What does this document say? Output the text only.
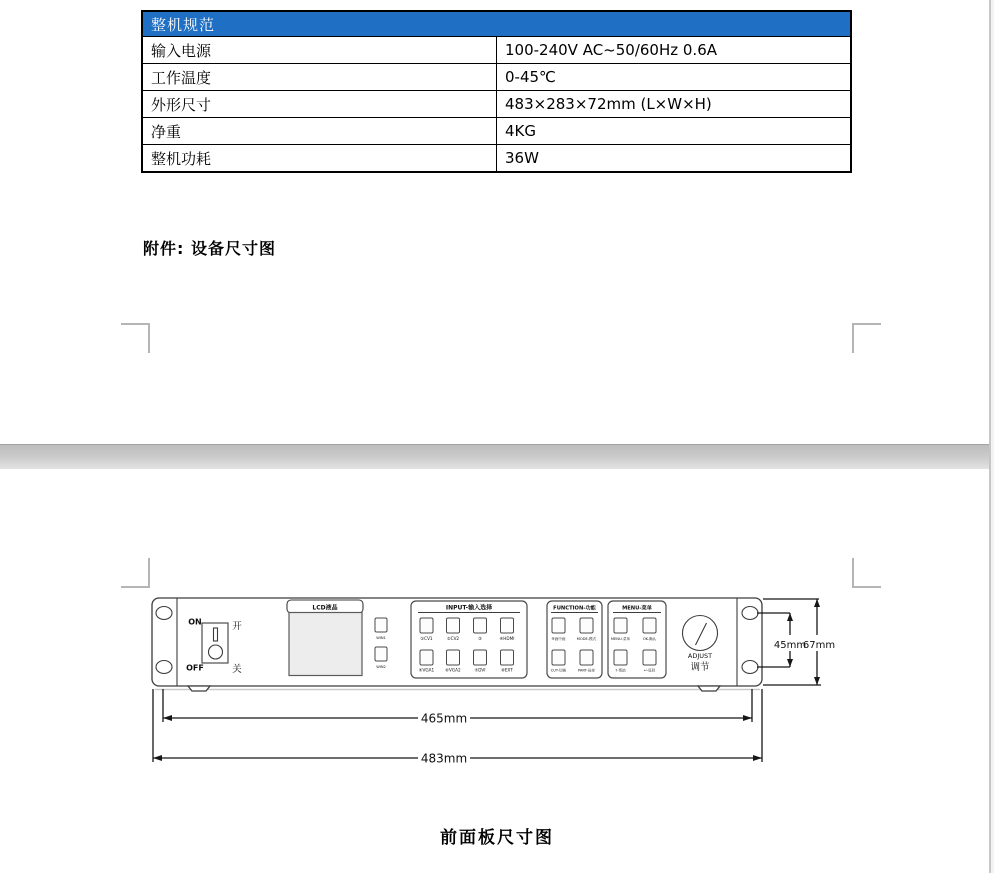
整机规范	
输入电源	100-240V AC~50/60Hz 0.6A
工作温度	0-45℃
外形尺寸	483×283×72mm (L×W×H)
净重	4KG
整机功耗	36W
附件: 设备尺寸图
ON	开
OFF	关
LCD液晶
WIN1
WIN2
INPUT-输入选择
①CV1	②CV2	③	④HDMI
⑤VGA1	⑥VGA2	⑦DVI	⑧EXT
FUNCTION-功能
⑨画中画	MODE-模式
CUT-切换	PART-局部
MENU-菜单
MENU-菜单	OK-确认
?-帮助	↩-返回
ADJUST
调节
45mm
67mm
465mm
483mm
前面板尺寸图
